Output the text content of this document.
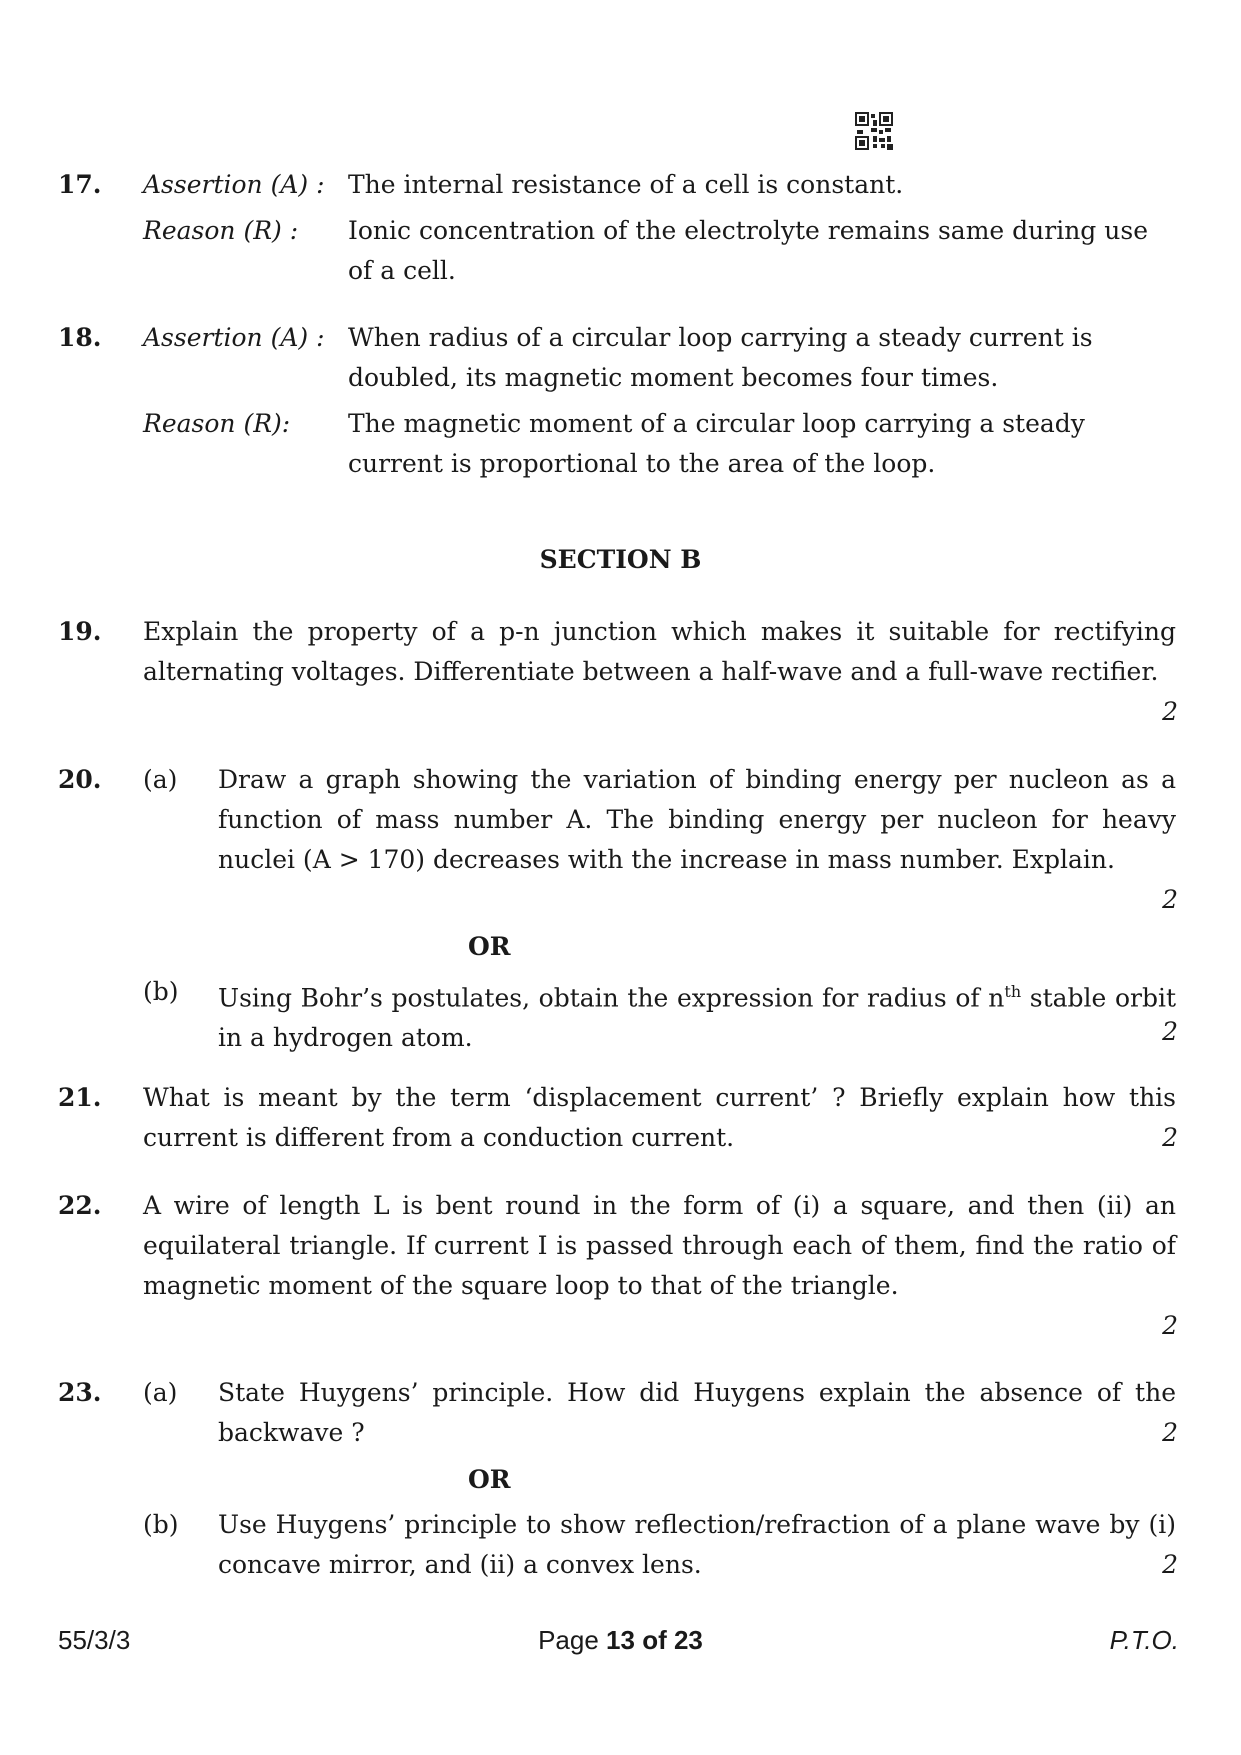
17. Assertion (A) : The internal resistance of a cell is constant.
Reason (R) : Ionic concentration of the electrolyte remains same during use of a cell.
18. Assertion (A) : When radius of a circular loop carrying a steady current is doubled, its magnetic moment becomes four times.
Reason (R): The magnetic moment of a circular loop carrying a steady current is proportional to the area of the loop.
SECTION B
19. Explain the property of a p-n junction which makes it suitable for rectifying alternating voltages. Differentiate between a half-wave and a full-wave rectifier.
2
20. (a) Draw a graph showing the variation of binding energy per nucleon as a function of mass number A. The binding energy per nucleon for heavy nuclei (A > 170) decreases with the increase in mass number. Explain.
2
OR
(b) Using Bohr’s postulates, obtain the expression for radius of $n^{th}$ stable orbit in a hydrogen atom.	2
21. What is meant by the term ‘displacement current’ ? Briefly explain how this current is different from a conduction current.	2
22. A wire of length L is bent round in the form of (i) a square, and then (ii) an equilateral triangle. If current I is passed through each of them, find the ratio of magnetic moment of the square loop to that of the triangle.
2
23. (a) State Huygens’ principle. How did Huygens explain the absence of the backwave ?	2
OR
(b) Use Huygens’ principle to show reflection/refraction of a plane wave by (i) concave mirror, and (ii) a convex lens.	2
55/3/3	Page 13 of 23	P.T.O.
